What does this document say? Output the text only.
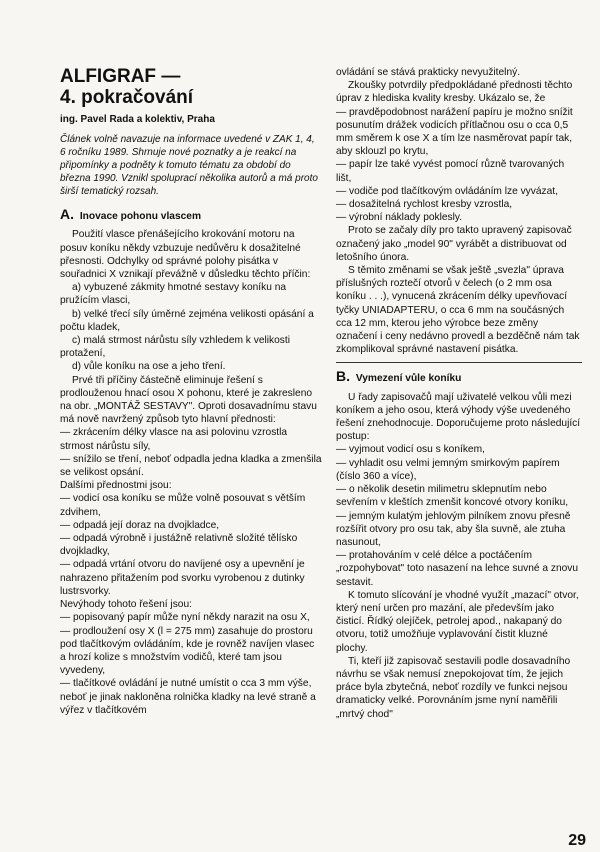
ALFIGRAF —
4. pokračování

ing. Pavel Rada a kolektiv, Praha

Článek volně navazuje na informace uvedené v ZAK 1, 4, 6 ročníku 1989. Shrnuje nové poznatky a je reakcí na připomínky a podněty k tomuto tématu za období do března 1990. Vznikl spoluprací několika autorů a má proto širší tematický rozsah.

A. Inovace pohonu vlascem

Použití vlasce přenášejícího krokování motoru na posuv koníku někdy vzbuzuje nedůvěru k dosažitelné přesnosti. Odchylky od správné polohy pisátka v souřadnici X vznikají převážně v důsledku těchto příčin:

a) vybuzené zákmity hmotné sestavy koníku na pružícím vlasci,

b) velké třecí síly úměrné zejména velikosti opásání a počtu kladek,

c) malá strmost nárůstu síly vzhledem k velikosti protažení,

d) vůle koníku na ose a jeho tření.

Prvé tři příčiny částečně eliminuje řešení s prodlouženou hnací osou X pohonu, které je zakresleno na obr. „MONTÁŽ SESTAVY". Oproti dosavadnímu stavu má nově navržený způsob tyto hlavní přednosti:

— zkrácením délky vlasce na asi polovinu vzrostla strmost nárůstu síly,

— snížilo se tření, neboť odpadla jedna kladka a zmenšila se velikost opsání.

Dalšími přednostmi jsou:

— vodicí osa koníku se může volně posouvat s větším zdvihem,

— odpadá její doraz na dvojkladce,

— odpadá výrobně i justážně relativně složité tělísko dvojkladky,

— odpadá vrtání otvoru do navíjené osy a upevnění je nahrazeno přitažením pod svorku vyrobenou z dutinky lustrsvorky.

Nevýhody tohoto řešení jsou:

— popisovaný papír může nyní někdy narazit na osu X,

— prodloužení osy X (l = 275 mm) zasahuje do prostoru pod tlačítkovým ovládáním, kde je rovněž navíjen vlasec a hrozí kolize s množstvím vodičů, které tam jsou vyvedeny,

— tlačítkové ovládání je nutné umístit o cca 3 mm výše, neboť je jinak nakloněna rolnička kladky na levé straně a výřez v tlačítkovém

ovládání se stává prakticky nevyužitelný.

Zkoušky potvrdily předpokládané přednosti těchto úprav z hlediska kvality kresby. Ukázalo se, že

— pravděpodobnost narážení papíru je možno snížit posunutím drážek vodicích přítlačnou osu o cca 0,5 mm směrem k ose X a tím lze nasměrovat papír tak, aby sklouzl po krytu,

— papír lze také vyvést pomocí různě tvarovaných lišt,

— vodiče pod tlačítkovým ovládáním lze vyvázat,

— dosažitelná rychlost kresby vzrostla,

— výrobní náklady poklesly.

Proto se začaly díly pro takto upravený zapisovač označený jako „model 90" vyrábět a distribuovat od letošního února.

S těmito změnami se však ještě „svezla" úprava příslušných roztečí otvorů v čelech (o 2 mm osa koníku . . .), vynucená zkrácením délky upevňovací tyčky UNIADAPTERU, o cca 6 mm na součásných cca 12 mm, kterou jeho výrobce beze změny označení i ceny nedávno provedl a bezděčně nám tak zkomplikoval správné nastavení pisátka.

B. Vymezení vůle koníku

U řady zapisovačů mají uživatelé velkou vůli mezi koníkem a jeho osou, která výhody výše uvedeného řešení znehodnocuje. Doporučujeme proto následující postup:

— vyjmout vodicí osu s koníkem,

— vyhladit osu velmi jemným smirkovým papírem (číslo 360 a více),

— o několik desetin milimetru sklepnutím nebo sevřením v kleštích zmenšit koncové otvory koníku,

— jemným kulatým jehlovým pilníkem znovu přesně rozšířit otvory pro osu tak, aby šla suvně, ale ztuha nasunout,

— protahováním v celé délce a poctáčením „rozpohybovat" toto nasazení na lehce suvné a znovu sestavit.

K tomuto slícování je vhodné využít „mazací" otvor, který není určen pro mazání, ale především jako čisticí. Řídký olejíček, petrolej apod., nakapaný do otvoru, totiž umožňuje vyplavování čistit kluzné plochy.

Ti, kteří již zapisovač sestavili podle dosavadního návrhu se však nemusí znepokojovat tím, že jejich práce byla zbytečná, neboť rozdíly ve funkci nejsou dramaticky velké. Porovnáním jsme nyní naměřili „mrtvý chod"

29
